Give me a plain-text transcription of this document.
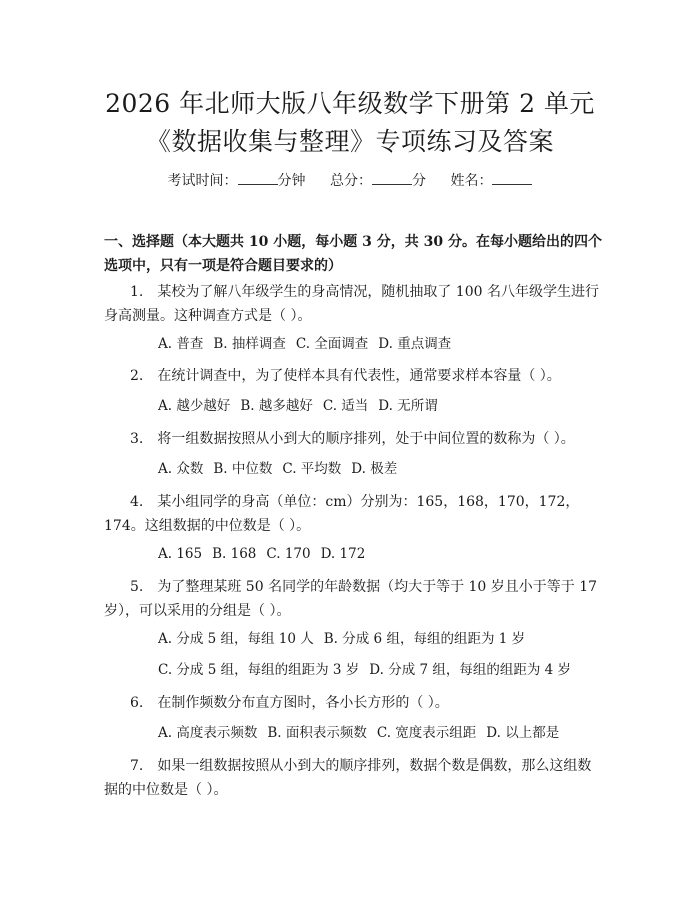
2026 年北师大版八年级数学下册第 2 单元
《数据收集与整理》专项练习及答案
考试时间：	分钟 总分：	分 姓名：
一、选择题（本大题共 10 小题，每小题 3 分，共 30 分。在每小题给出的四个选项中，只有一项是符合题目要求的）
1. 某校为了解八年级学生的身高情况，随机抽取了 100 名八年级学生进行身高测量。这种调查方式是（ ）。
A. 普查 B. 抽样调查 C. 全面调查 D. 重点调查
2. 在统计调查中，为了使样本具有代表性，通常要求样本容量（ ）。
A. 越少越好 B. 越多越好 C. 适当 D. 无所谓
3. 将一组数据按照从小到大的顺序排列，处于中间位置的数称为（ ）。
A. 众数 B. 中位数 C. 平均数 D. 极差
4. 某小组同学的身高（单位：cm）分别为：165，168，170，172，174。这组数据的中位数是（ ）。
A. 165 B. 168 C. 170 D. 172
5. 为了整理某班 50 名同学的年龄数据（均大于等于 10 岁且小于等于 17 岁），可以采用的分组是（ ）。
A. 分成 5 组，每组 10 人 B. 分成 6 组，每组的组距为 1 岁
C. 分成 5 组，每组的组距为 3 岁 D. 分成 7 组，每组的组距为 4 岁
6. 在制作频数分布直方图时，各小长方形的（ ）。
A. 高度表示频数 B. 面积表示频数 C. 宽度表示组距 D. 以上都是
7. 如果一组数据按照从小到大的顺序排列，数据个数是偶数，那么这组数据的中位数是（ ）。
